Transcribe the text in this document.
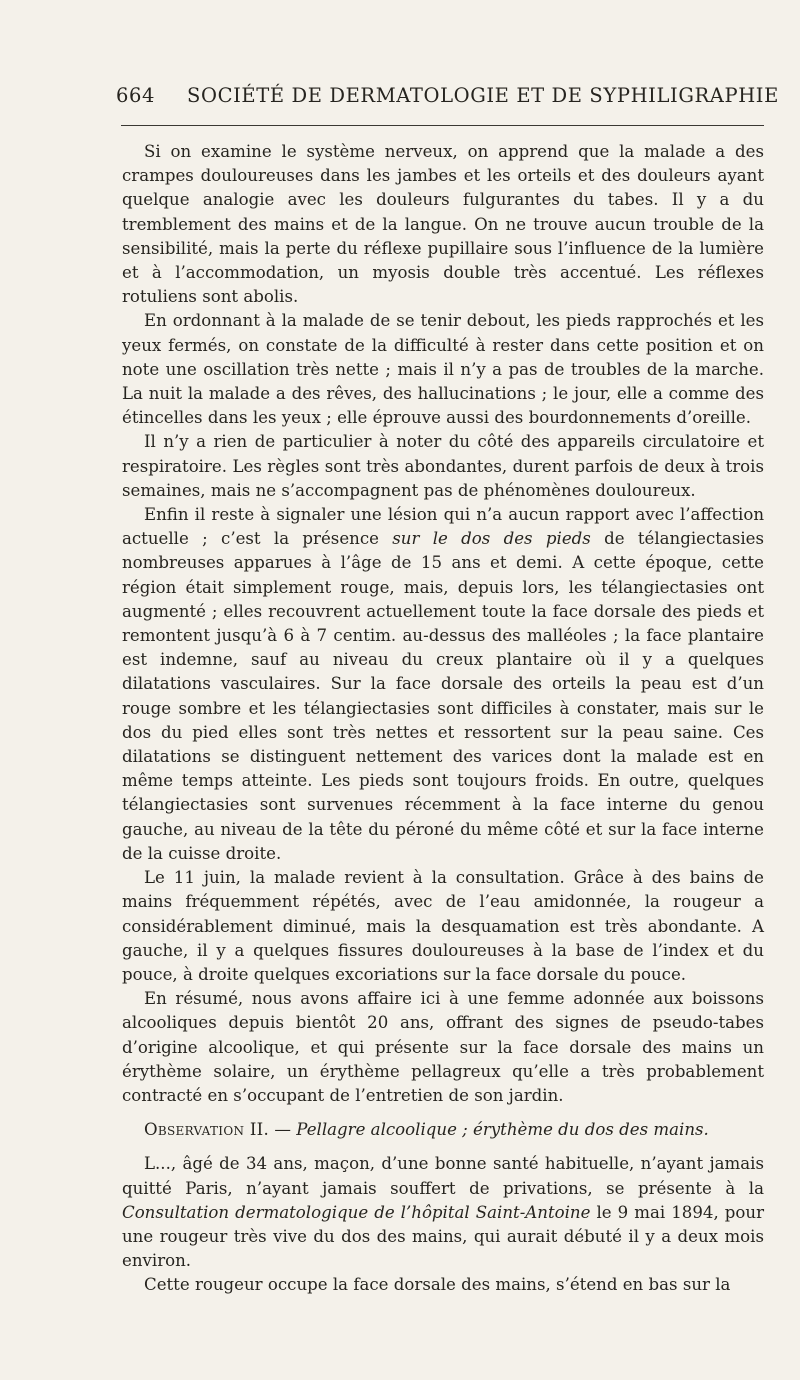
664 SOCIÉTÉ DE DERMATOLOGIE ET DE SYPHILIGRAPHIE

Si on examine le système nerveux, on apprend que la malade a des crampes douloureuses dans les jambes et les orteils et des douleurs ayant quelque analogie avec les douleurs fulgurantes du tabes. Il y a du tremblement des mains et de la langue. On ne trouve aucun trouble de la sensibilité, mais la perte du réflexe pupillaire sous l’influence de la lumière et à l’accommodation, un myosis double très accentué. Les réflexes rotuliens sont abolis.

En ordonnant à la malade de se tenir debout, les pieds rapprochés et les yeux fermés, on constate de la difficulté à rester dans cette position et on note une oscillation très nette ; mais il n’y a pas de troubles de la marche. La nuit la malade a des rêves, des hallucinations ; le jour, elle a comme des étincelles dans les yeux ; elle éprouve aussi des bourdonnements d’oreille.

Il n’y a rien de particulier à noter du côté des appareils circulatoire et respiratoire. Les règles sont très abondantes, durent parfois de deux à trois semaines, mais ne s’accompagnent pas de phénomènes douloureux.

Enfin il reste à signaler une lésion qui n’a aucun rapport avec l’affection actuelle ; c’est la présence sur le dos des pieds de télangiectasies nombreuses apparues à l’âge de 15 ans et demi. A cette époque, cette région était simplement rouge, mais, depuis lors, les télangiectasies ont augmenté ; elles recouvrent actuellement toute la face dorsale des pieds et remontent jusqu’à 6 à 7 centim. au-dessus des malléoles ; la face plantaire est indemne, sauf au niveau du creux plantaire où il y a quelques dilatations vasculaires. Sur la face dorsale des orteils la peau est d’un rouge sombre et les télangiectasies sont difficiles à constater, mais sur le dos du pied elles sont très nettes et ressortent sur la peau saine. Ces dilatations se distinguent nettement des varices dont la malade est en même temps atteinte. Les pieds sont toujours froids. En outre, quelques télangiectasies sont survenues récemment à la face interne du genou gauche, au niveau de la tête du péroné du même côté et sur la face interne de la cuisse droite.

Le 11 juin, la malade revient à la consultation. Grâce à des bains de mains fréquemment répétés, avec de l’eau amidonnée, la rougeur a considérablement diminué, mais la desquamation est très abondante. A gauche, il y a quelques fissures douloureuses à la base de l’index et du pouce, à droite quelques excoriations sur la face dorsale du pouce.

En résumé, nous avons affaire ici à une femme adonnée aux boissons alcooliques depuis bientôt 20 ans, offrant des signes de pseudo-tabes d’origine alcoolique, et qui présente sur la face dorsale des mains un érythème solaire, un érythème pellagreux qu’elle a très probablement contracté en s’occupant de l’entretien de son jardin.

Observation II. — Pellagre alcoolique ; érythème du dos des mains.

L..., âgé de 34 ans, maçon, d’une bonne santé habituelle, n’ayant jamais quitté Paris, n’ayant jamais souffert de privations, se présente à la Consultation dermatologique de l’hôpital Saint-Antoine le 9 mai 1894, pour une rougeur très vive du dos des mains, qui aurait débuté il y a deux mois environ.

Cette rougeur occupe la face dorsale des mains, s’étend en bas sur la
